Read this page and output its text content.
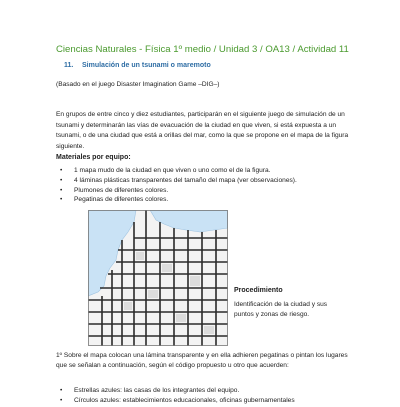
Ciencias Naturales - Física 1º medio / Unidad 3 / OA13 / Actividad 11
11. Simulación de un tsunami o maremoto
(Basado en el juego Disaster Imagination Game –DIG–)
En grupos de entre cinco y diez estudiantes, participarán en el siguiente juego de simulación de un tsunami y determinarán las vías de evacuación de la ciudad en que viven, si está expuesta a un tsunami, o de una ciudad que está a orillas del mar, como la que se propone en el mapa de la figura siguiente.
Materiales por equipo:
• 1 mapa mudo de la ciudad en que viven o uno como el de la figura.
• 4 láminas plásticas transparentes del tamaño del mapa (ver observaciones).
• Plumones de diferentes colores.
• Pegatinas de diferentes colores.
Procedimiento
Identificación de la ciudad y sus puntos y zonas de riesgo.
1º Sobre el mapa colocan una lámina transparente y en ella adhieren pegatinas o pintan los lugares que se señalan a continuación, según el código propuesto u otro que acuerden:
• Estrellas azules: las casas de los integrantes del equipo.
• Círculos azules: establecimientos educacionales, oficinas gubernamentales
